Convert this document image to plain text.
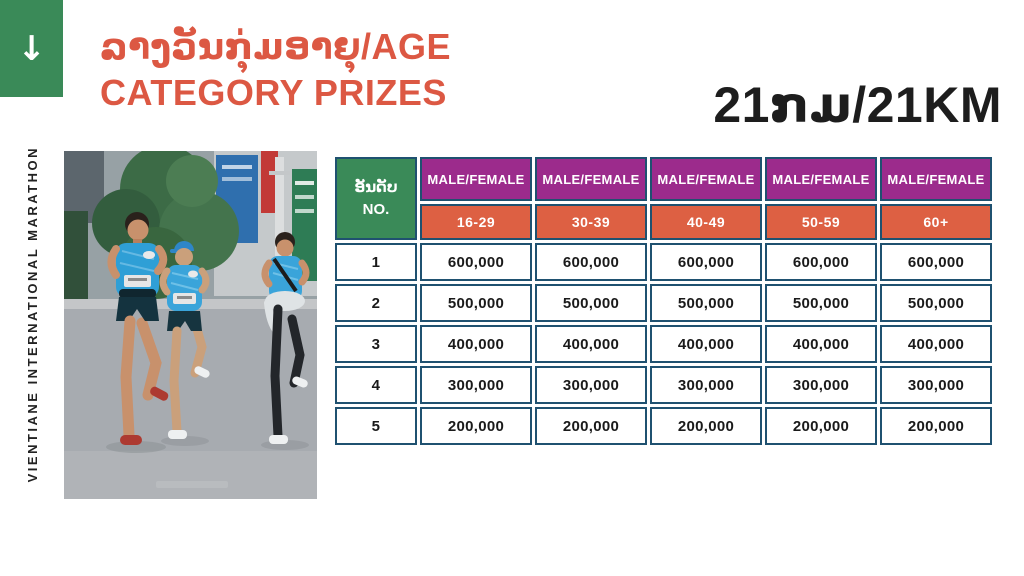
↓ ລາງວັນກຸ່ມອາຍຸ/AGE
CATEGORY PRIZES	21ກມ/21KM
VIENTIANE INTERNATIONAL MARATHON	ອັນດັບ
NO.	MALE/FEMALE	MALE/FEMALE	MALE/FEMALE	MALE/FEMALE	MALE/FEMALE
	16-29	30-39	40-49	50-59	60+
1	600,000	600,000	600,000	600,000	600,000
2	500,000	500,000	500,000	500,000	500,000
3	400,000	400,000	400,000	400,000	400,000
4	300,000	300,000	300,000	300,000	300,000
5	200,000	200,000	200,000	200,000	200,000
